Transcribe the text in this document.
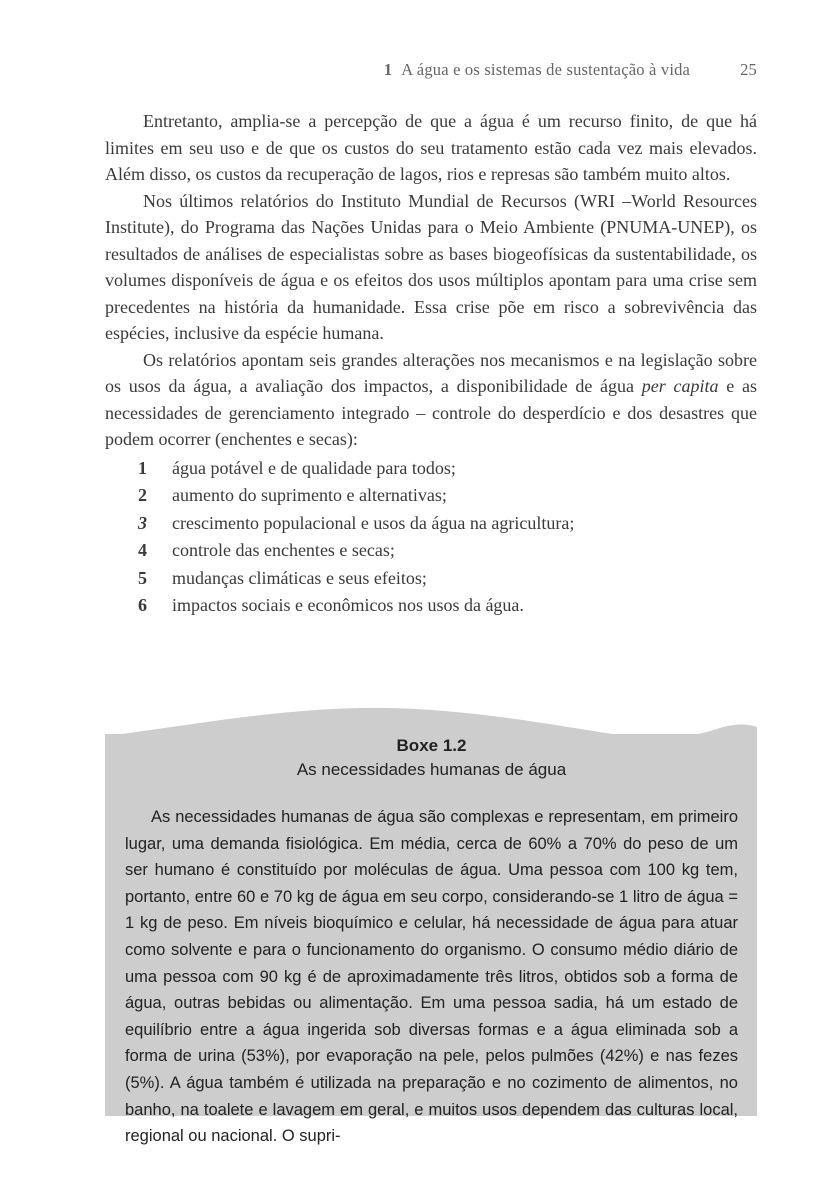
1 A água e os sistemas de sustentação à vida	25

Entretanto, amplia-se a percepção de que a água é um recurso finito, de que há limites em seu uso e de que os custos do seu tratamento estão cada vez mais elevados. Além disso, os custos da recuperação de lagos, rios e represas são também muito altos.

Nos últimos relatórios do Instituto Mundial de Recursos (WRI –World Resources Institute), do Programa das Nações Unidas para o Meio Ambiente (PNUMA-UNEP), os resultados de análises de especialistas sobre as bases biogeofísicas da sustentabilidade, os volumes disponíveis de água e os efeitos dos usos múltiplos apontam para uma crise sem precedentes na história da humanidade. Essa crise põe em risco a sobrevivência das espécies, inclusive da espécie humana.

Os relatórios apontam seis grandes alterações nos mecanismos e na legislação sobre os usos da água, a avaliação dos impactos, a disponibilidade de água per capita e as necessidades de gerenciamento integrado – controle do desperdício e dos desastres que podem ocorrer (enchentes e secas):

1	água potável e de qualidade para todos;
2	aumento do suprimento e alternativas;
3	crescimento populacional e usos da água na agricultura;
4	controle das enchentes e secas;
5	mudanças climáticas e seus efeitos;
6	impactos sociais e econômicos nos usos da água.
Boxe 1.2
As necessidades humanas de água

As necessidades humanas de água são complexas e representam, em primeiro lugar, uma demanda fisiológica. Em média, cerca de 60% a 70% do peso de um ser humano é constituído por moléculas de água. Uma pessoa com 100 kg tem, portanto, entre 60 e 70 kg de água em seu corpo, considerando-se 1 litro de água = 1 kg de peso. Em níveis bioquímico e celular, há necessidade de água para atuar como solvente e para o funcionamento do organismo. O consumo médio diário de uma pessoa com 90 kg é de aproximadamente três litros, obtidos sob a forma de água, outras bebidas ou alimentação. Em uma pessoa sadia, há um estado de equilíbrio entre a água ingerida sob diversas formas e a água eliminada sob a forma de urina (53%), por evaporação na pele, pelos pulmões (42%) e nas fezes (5%). A água também é utilizada na preparação e no cozimento de alimentos, no banho, na toalete e lavagem em geral, e muitos usos dependem das culturas local, regional ou nacional. O supri-
